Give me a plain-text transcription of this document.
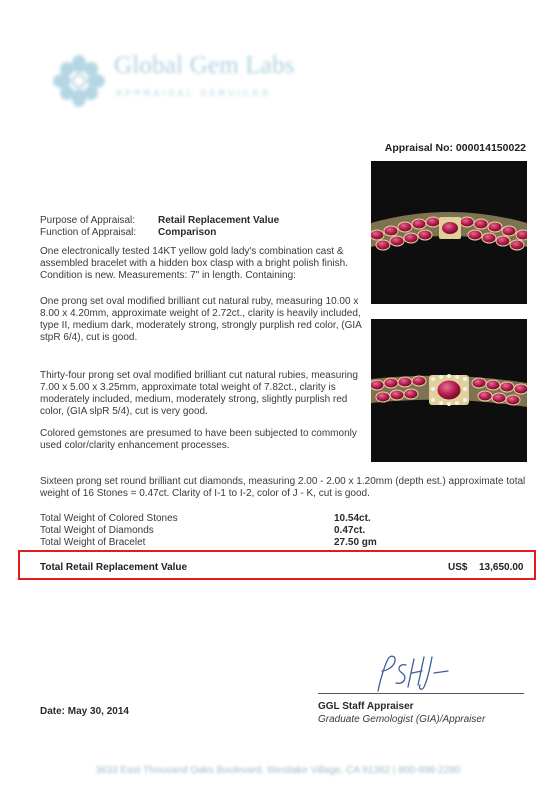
Global Gem Labs
APPRAISAL SERVICES
Appraisal No: 000014150022
Purpose of Appraisal: Retail Replacement Value
Function of Appraisal: Comparison
One electronically tested 14KT yellow gold lady's combination cast & assembled bracelet with a hidden box clasp with a bright polish finish. Condition is new. Measurements: 7" in length. Containing:
One prong set oval modified brilliant cut natural ruby, measuring 10.00 x 8.00 x 4.20mm, approximate weight of 2.72ct., clarity is heavily included, type II, medium dark, moderately strong, strongly purplish red color, (GIA stpR 6/4), cut is good.
Thirty-four prong set oval modified brilliant cut natural rubies, measuring 7.00 x 5.00 x 3.25mm, approximate total weight of 7.82ct., clarity is moderately included, medium, moderately strong, slightly purplish red color, (GIA slpR 5/4), cut is very good.
Colored gemstones are presumed to have been subjected to commonly used color/clarity enhancement processes.
Sixteen prong set round brilliant cut diamonds, measuring 2.00 - 2.00 x 1.20mm (depth est.) approximate total weight of 16 Stones = 0.47ct. Clarity of I-1 to I-2, color of J - K, cut is good.
Total Weight of Colored Stones	10.54ct.
Total Weight of Diamonds	0.47ct.
Total Weight of Bracelet	27.50 gm
Total Retail Replacement Value	US$ 13,650.00
GGL Staff Appraiser
Graduate Gemologist (GIA)/Appraiser
Date: May 30, 2014
3633 East Thousand Oaks Boulevard, Westlake Village, CA 91362 | 800-998-2280
